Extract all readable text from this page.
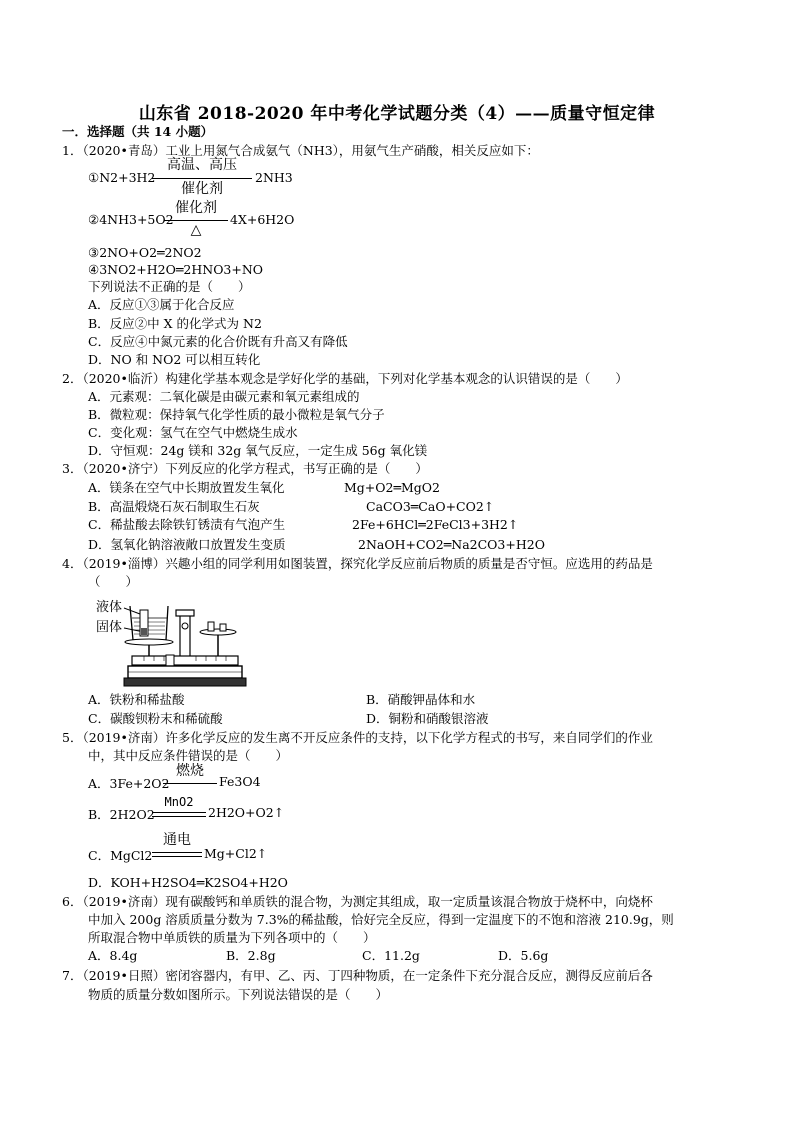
山东省 2018-2020 年中考化学试题分类（4）——质量守恒定律
一．选择题（共 14 小题）
1．（2020•青岛）工业上用氮气合成氨气（NH3），用氨气生产硝酸，相关反应如下：
①N2+3H2
高温、高压
催化剂
2NH3
②4NH3+5O2
催化剂
△
4X+6H2O
③2NO+O2═2NO2
④3NO2+H2O═2HNO3+NO
下列说法不正确的是（　　）
A．反应①③属于化合反应
B．反应②中 X 的化学式为 N2
C．反应④中氮元素的化合价既有升高又有降低
D．NO 和 NO2 可以相互转化
2．（2020•临沂）构建化学基本观念是学好化学的基础，下列对化学基本观念的认识错误的是（　　）
A．元素观：二氧化碳是由碳元素和氧元素组成的
B．微粒观：保持氧气化学性质的最小微粒是氧气分子
C．变化观：氢气在空气中燃烧生成水
D．守恒观：24g 镁和 32g 氧气反应，一定生成 56g 氧化镁
3．（2020•济宁）下列反应的化学方程式，书写正确的是（　　）
A．镁条在空气中长期放置发生氧化	Mg+O2═MgO2
B．高温煅烧石灰石制取生石灰	CaCO3═CaO+CO2↑
C．稀盐酸去除铁钉锈渍有气泡产生	2Fe+6HCl═2FeCl3+3H2↑
D．氢氧化钠溶液敞口放置发生变质	2NaOH+CO2═Na2CO3+H2O
4．（2019•淄博）兴趣小组的同学利用如图装置，探究化学反应前后物质的质量是否守恒。应选用的药品是
（　　）
液体
固体
A．铁粉和稀盐酸	B．硝酸钾晶体和水
C．碳酸钡粉末和稀硫酸	D．铜粉和硝酸银溶液
5．（2019•济南）许多化学反应的发生离不开反应条件的支持，以下化学方程式的书写，来自同学们的作业
中，其中反应条件错误的是（　　）
A．3Fe+2O2
燃烧
Fe3O4
B．2H2O2
MnO2
2H2O+O2↑
C．MgCl2
通电
Mg+Cl2↑
D．KOH+H2SO4═K2SO4+H2O
6．（2019•济南）现有碳酸钙和单质铁的混合物，为测定其组成，取一定质量该混合物放于烧杯中，向烧杯
中加入 200g 溶质质量分数为 7.3%的稀盐酸，恰好完全反应，得到一定温度下的不饱和溶液 210.9g，则
所取混合物中单质铁的质量为下列各项中的（　　）
A．8.4g	B．2.8g	C．11.2g	D．5.6g
7．（2019•日照）密闭容器内，有甲、乙、丙、丁四种物质，在一定条件下充分混合反应，测得反应前后各
物质的质量分数如图所示。下列说法错误的是（　　）
